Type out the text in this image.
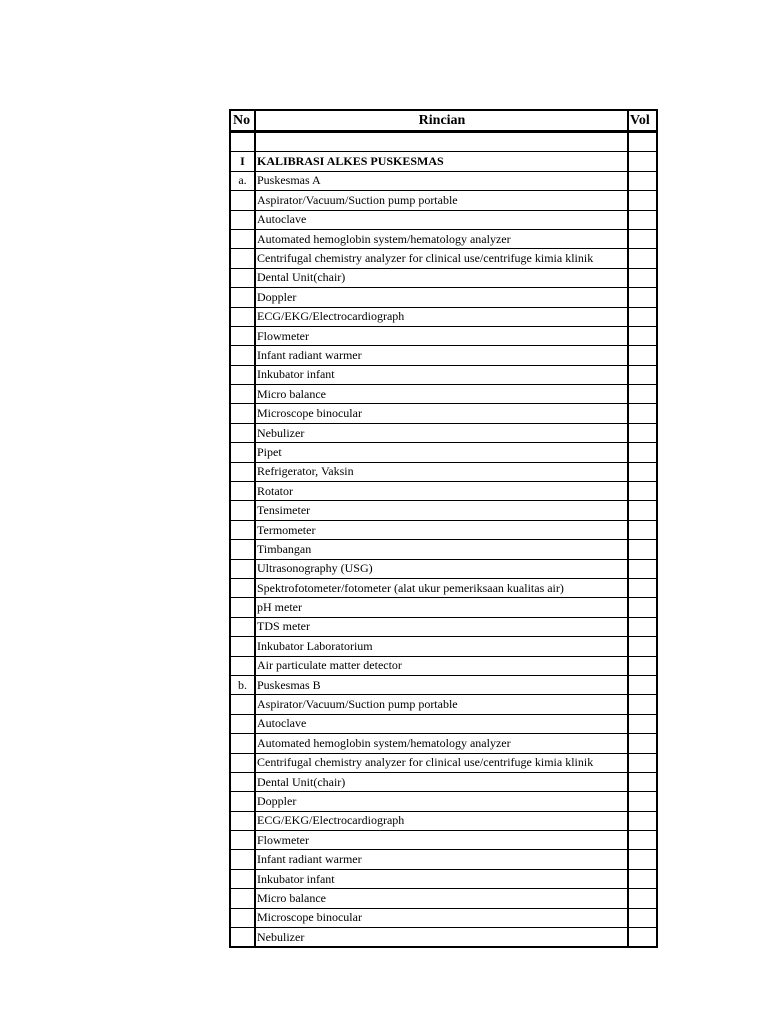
No	Rincian	Vol

I	KALIBRASI ALKES PUSKESMAS	
a.	Puskesmas A	
	Aspirator/Vacuum/Suction pump portable	
	Autoclave	
	Automated hemoglobin system/hematology analyzer	
	Centrifugal chemistry analyzer for clinical use/centrifuge kimia klinik	
	Dental Unit(chair)	
	Doppler	
	ECG/EKG/Electrocardiograph	
	Flowmeter	
	Infant radiant warmer	
	Inkubator infant	
	Micro balance	
	Microscope binocular	
	Nebulizer	
	Pipet	
	Refrigerator, Vaksin	
	Rotator	
	Tensimeter	
	Termometer	
	Timbangan	
	Ultrasonography (USG)	
	Spektrofotometer/fotometer (alat ukur pemeriksaan kualitas air)	
	pH meter	
	TDS meter	
	Inkubator Laboratorium	
	Air particulate matter detector	
b.	Puskesmas B	
	Aspirator/Vacuum/Suction pump portable	
	Autoclave	
	Automated hemoglobin system/hematology analyzer	
	Centrifugal chemistry analyzer for clinical use/centrifuge kimia klinik	
	Dental Unit(chair)	
	Doppler	
	ECG/EKG/Electrocardiograph	
	Flowmeter	
	Infant radiant warmer	
	Inkubator infant	
	Micro balance	
	Microscope binocular	
	Nebulizer	
